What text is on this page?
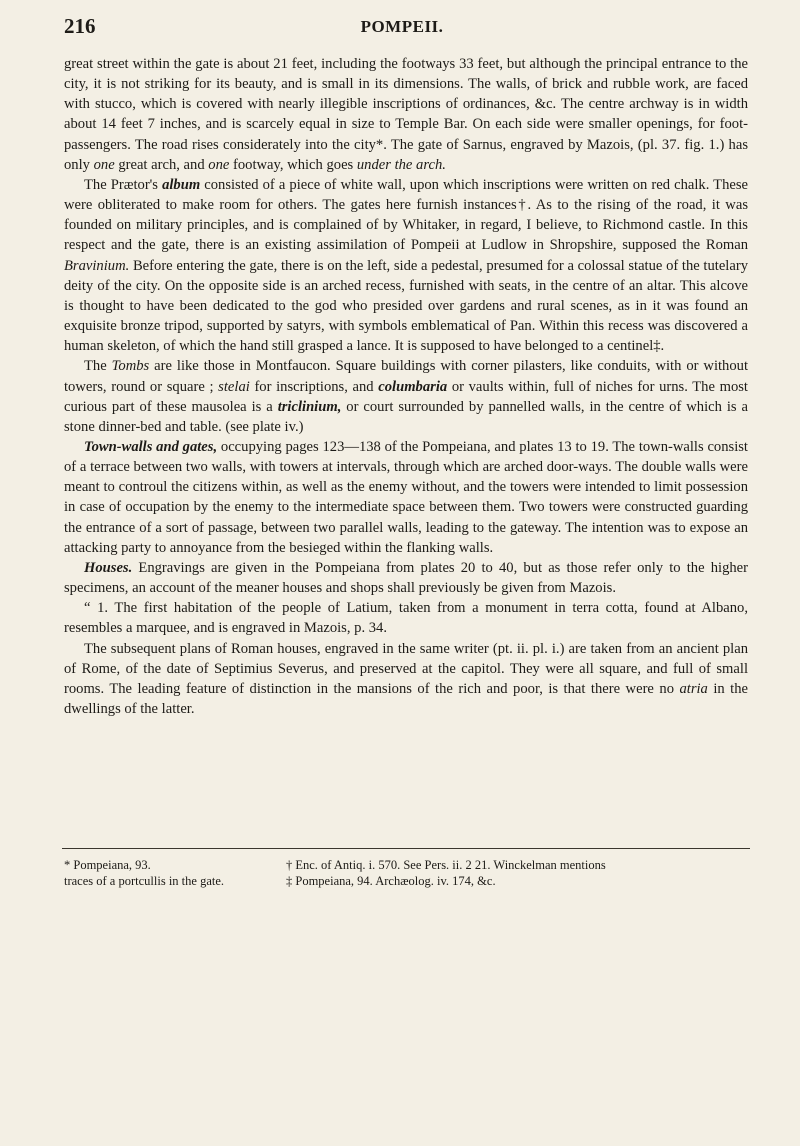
216	POMPEII.

great street within the gate is about 21 feet, including the footways 33 feet, but although the principal entrance to the city, it is not striking for its beauty, and is small in its dimensions. The walls, of brick and rubble work, are faced with stucco, which is covered with nearly illegible inscriptions of ordinances, &c. The centre archway is in width about 14 feet 7 inches, and is scarcely equal in size to Temple Bar. On each side were smaller openings, for foot-passengers. The road rises considerately into the city*. The gate of Sarnus, engraved by Mazois, (pl. 37. fig. 1.) has only one great arch, and one footway, which goes under the arch.

The Prætor's album consisted of a piece of white wall, upon which inscriptions were written on red chalk. These were obliterated to make room for others. The gates here furnish instances†. As to the rising of the road, it was founded on military principles, and is complained of by Whitaker, in regard, I believe, to Richmond castle. In this respect and the gate, there is an existing assimilation of Pompeii at Ludlow in Shropshire, supposed the Roman Bravinium. Before entering the gate, there is on the left, side a pedestal, presumed for a colossal statue of the tutelary deity of the city. On the opposite side is an arched recess, furnished with seats, in the centre of an altar. This alcove is thought to have been dedicated to the god who presided over gardens and rural scenes, as in it was found an exquisite bronze tripod, supported by satyrs, with symbols emblematical of Pan. Within this recess was discovered a human skeleton, of which the hand still grasped a lance. It is supposed to have belonged to a centinel‡.

The Tombs are like those in Montfaucon. Square buildings with corner pilasters, like conduits, with or without towers, round or square ; stelai for inscriptions, and columbaria or vaults within, full of niches for urns. The most curious part of these mausolea is a triclinium, or court surrounded by pannelled walls, in the centre of which is a stone dinner-bed and table. (see plate iv.)

Town-walls and gates, occupying pages 123—138 of the Pompeiana, and plates 13 to 19. The town-walls consist of a terrace between two walls, with towers at intervals, through which are arched door-ways. The double walls were meant to controul the citizens within, as well as the enemy without, and the towers were intended to limit possession in case of occupation by the enemy to the intermediate space between them. Two towers were constructed guarding the entrance of a sort of passage, between two parallel walls, leading to the gateway. The intention was to expose an attacking party to annoyance from the besieged within the flanking walls.

Houses. Engravings are given in the Pompeiana from plates 20 to 40, but as those refer only to the higher specimens, an account of the meaner houses and shops shall previously be given from Mazois.

“ 1. The first habitation of the people of Latium, taken from a monument in terra cotta, found at Albano, resembles a marquee, and is engraved in Mazois, p. 34.

The subsequent plans of Roman houses, engraved in the same writer (pt. ii. pl. i.) are taken from an ancient plan of Rome, of the date of Septimius Severus, and preserved at the capitol. They were all square, and full of small rooms. The leading feature of distinction in the mansions of the rich and poor, is that there were no atria in the dwellings of the latter.

* Pompeiana, 93.
traces of a portcullis in the gate.
† Enc. of Antiq. i. 570. See Pers. ii. 2 21. Winckelman mentions
‡ Pompeiana, 94. Archæolog. iv. 174, &c.
